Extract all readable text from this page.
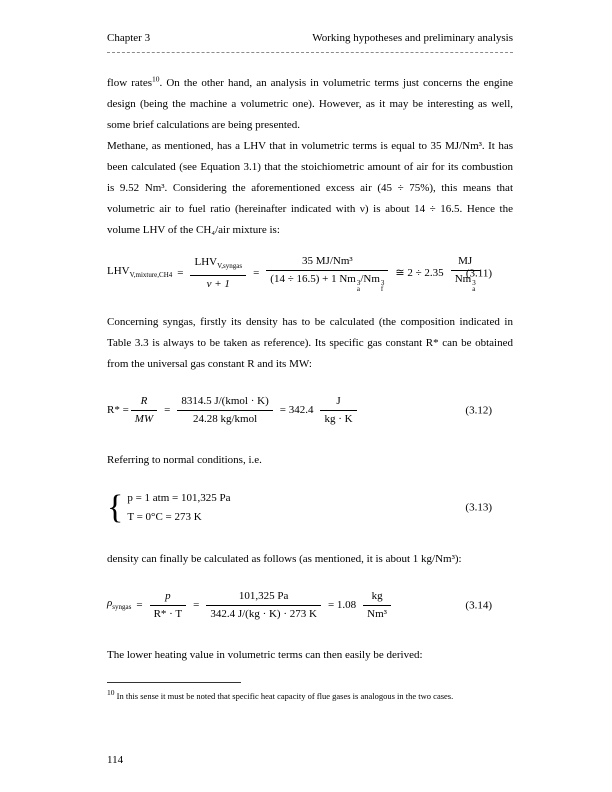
Chapter 3	Working hypotheses and preliminary analysis

flow rates$^{10}$. On the other hand, an analysis in volumetric terms just concerns the engine design (being the machine a volumetric one). However, as it may be interesting as well, some brief calculations are being presented.

Methane, as mentioned, has a LHV that in volumetric terms is equal to 35 MJ/Nm³. It has been calculated (see Equation 3.1) that the stoichiometric amount of air for its combustion is 9.52 Nm³. Considering the aforementioned excess air (45 ÷ 75%), this means that volumetric air to fuel ratio (hereinafter indicated with ν) is about 14 ÷ 16.5. Hence the volume LHV of the CH₄/air mixture is:

$LHV_{V,mixture,CH4} = \frac{LHV_{V,syngas}}{\nu + 1} = 35$ MJ/Nm³
(14 ÷ 16.5) + 1 Nm 3
a
/Nm 3
f ≅ 2 ÷ 2.35 MJ
Nm 3
a
(3.11)

Concerning syngas, firstly its density has to be calculated (the composition indicated in Table 3.3 is always to be taken as reference). Its specific gas constant R* can be obtained from the universal gas constant R and its MW:

$R* = \frac{R}{MW} = \frac{\text{8314.5 J/(kmol · K)}}{\text{24.28 kg/kmol}} = 342.4 \frac{J}{kg \cdot K}$	(3.12)

Referring to normal conditions, i.e.

{ p = 1 atm = 101,325 Pa
T = 0°C = 273 K
(3.13)

density can finally be calculated as follows (as mentioned, it is about 1 kg/Nm³):

$\rho_{syngas} = \frac{p}{R* \cdot T} = \frac{101,325 Pa}{342.4 J/(kg \cdot K) \cdot 273 K} = 1.08 \frac{kg}{\text{Nm³}}$	(3.14)

The lower heating value in volumetric terms can then easily be derived:

$^{10}$ In this sense it must be noted that specific heat capacity of flue gases is analogous in the two cases.

114
